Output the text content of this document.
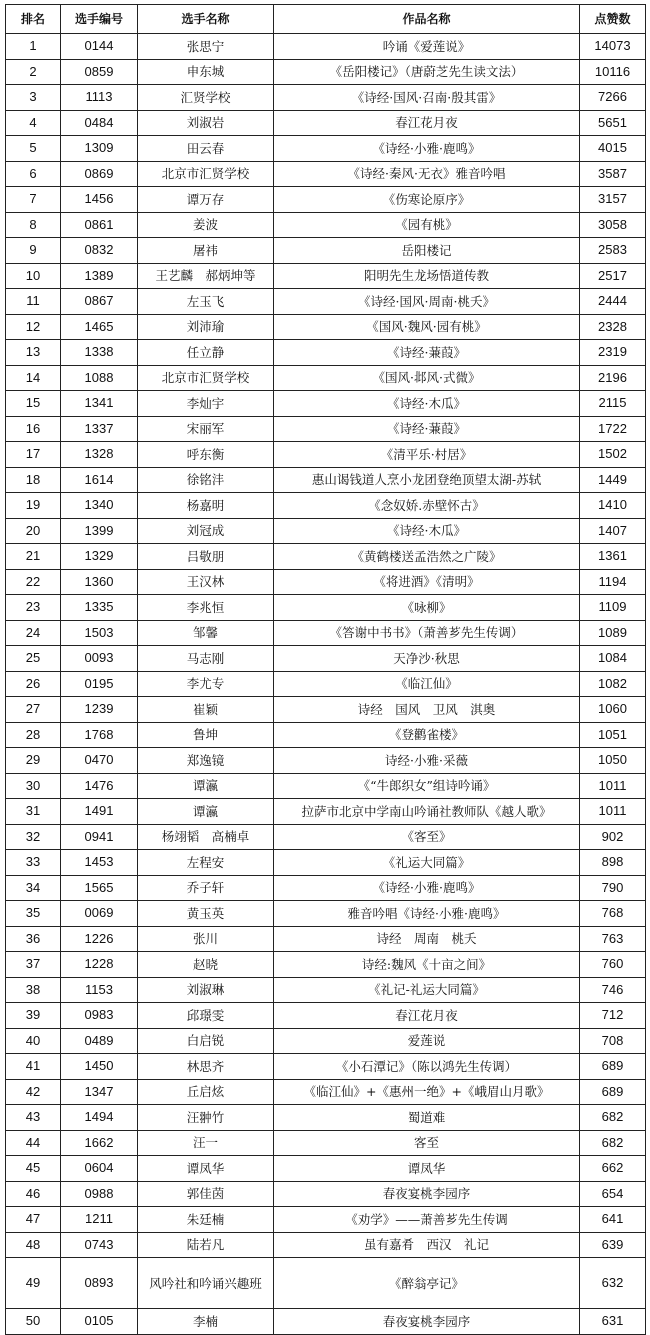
排名	选手编号	选手名称	作品名称	点赞数
1	0144	张思宁	吟诵《爱莲说》	14073
2	0859	申东城	《岳阳楼记》（唐蔚芝先生读文法）	10116
3	1113	汇贤学校	《诗经·国风·召南·殷其雷》	7266
4	0484	刘淑岩	春江花月夜	5651
5	1309	田云春	《诗经·小雅·鹿鸣》	4015
6	0869	北京市汇贤学校	《诗经·秦风·无衣》雅音吟唱	3587
7	1456	谭万存	《伤寒论原序》	3157
8	0861	姜波	《园有桃》	3058
9	0832	屠祎	岳阳楼记	2583
10	1389	王艺麟　郝炳坤等	阳明先生龙场悟道传教	2517
11	0867	左玉飞	《诗经·国风·周南·桃夭》	2444
12	1465	刘沛瑜	《国风·魏风·园有桃》	2328
13	1338	任立静	《诗经·蒹葭》	2319
14	1088	北京市汇贤学校	《国风·邶风·式微》	2196
15	1341	李灿宇	《诗经·木瓜》	2115
16	1337	宋丽军	《诗经·蒹葭》	1722
17	1328	呼东衡	《清平乐·村居》	1502
18	1614	徐铭沣	惠山谒钱道人烹小龙团登绝顶望太湖-苏轼	1449
19	1340	杨嘉明	《念奴娇.赤壁怀古》	1410
20	1399	刘冠成	《诗经·木瓜》	1407
21	1329	吕敬朋	《黄鹤楼送孟浩然之广陵》	1361
22	1360	王汉林	《将进酒》《清明》	1194
23	1335	李兆恒	《咏柳》	1109
24	1503	邹馨	《答谢中书书》（萧善芗先生传调）	1089
25	0093	马志刚	天净沙·秋思	1084
26	0195	李尤专	《临江仙》	1082
27	1239	崔颖	诗经　国风　卫风　淇奥	1060
28	1768	鲁坤	《登鹳雀楼》	1051
29	0470	郑逸镜	诗经·小雅·采薇	1050
30	1476	谭瀛	《“牛郎织女”组诗吟诵》	1011
31	1491	谭瀛	拉萨市北京中学南山吟诵社教师队《越人歌》	1011
32	0941	杨翊韬　高楠卓	《客至》	902
33	1453	左程安	《礼运大同篇》	898
34	1565	乔子轩	《诗经·小雅·鹿鸣》	790
35	0069	黄玉英	雅音吟唱《诗经·小雅·鹿鸣》	768
36	1226	张川	诗经　周南　桃夭	763
37	1228	赵晓	诗经:魏风《十亩之间》	760
38	1153	刘淑琳	《礼记-礼运大同篇》	746
39	0983	邱璟雯	春江花月夜	712
40	0489	白启锐	爱莲说	708
41	1450	林思齐	《小石潭记》（陈以鸿先生传调）	689
42	1347	丘启炫	《临江仙》+《惠州一绝》+《峨眉山月歌》	689
43	1494	汪翀竹	蜀道难	682
44	1662	汪一	客至	682
45	0604	谭凤华	谭凤华	662
46	0988	郭佳茵	春夜宴桃李园序	654
47	1211	朱廷楠	《劝学》——萧善芗先生传调	641
48	0743	陆若凡	虽有嘉肴　西汉　礼记	639
49	0893	风吟社和吟诵兴趣班	《醉翁亭记》	632
50	0105	李楠	春夜宴桃李园序	631
